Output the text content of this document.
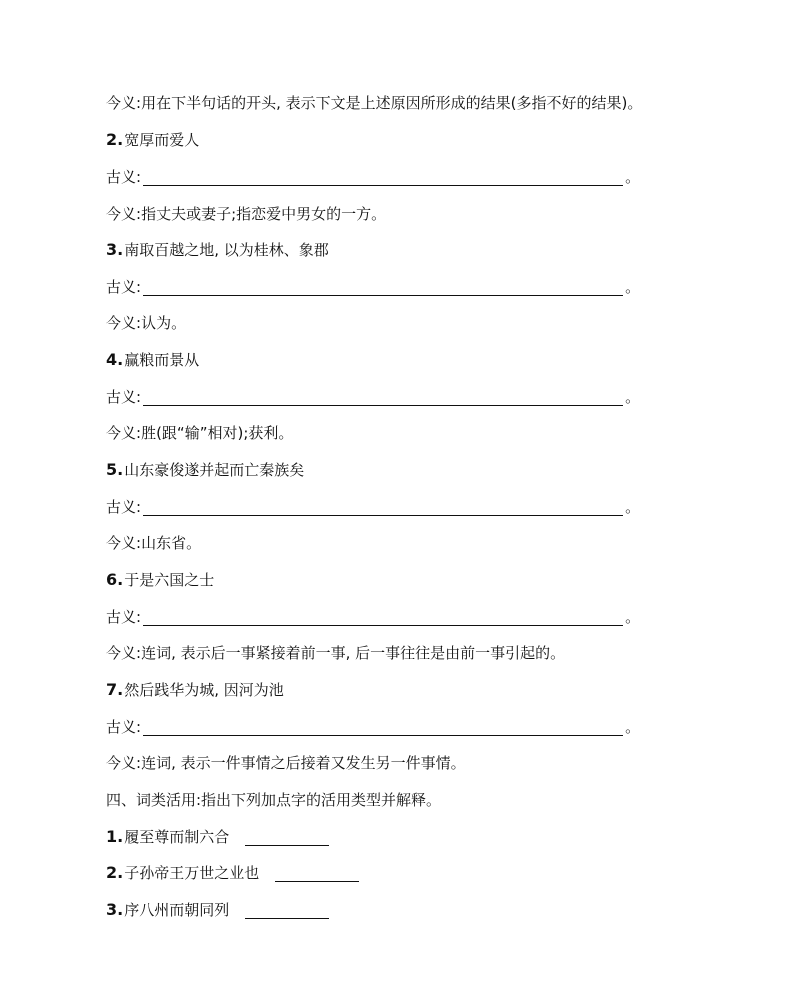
今义:用在下半句话的开头, 表示下文是上述原因所形成的结果(多指不好的结果)。
2.宽厚而爱人
古义:	。
今义:指丈夫或妻子;指恋爱中男女的一方。
3.南取百越之地, 以为桂林、象郡
古义:	。
今义:认为。
4.赢粮而景从
古义:	。
今义:胜(跟“输”相对);获利。
5.山东豪俊遂并起而亡秦族矣
古义:	。
今义:山东省。
6.于是六国之士
古义:	。
今义:连词, 表示后一事紧接着前一事, 后一事往往是由前一事引起的。
7.然后践华为城, 因河为池
古义:	。
今义:连词, 表示一件事情之后接着又发生另一件事情。
四、词类活用:指出下列加点字的活用类型并解释。
1.履至尊而制六合
2.子孙帝王万世之业也
3.序八州而朝同列
